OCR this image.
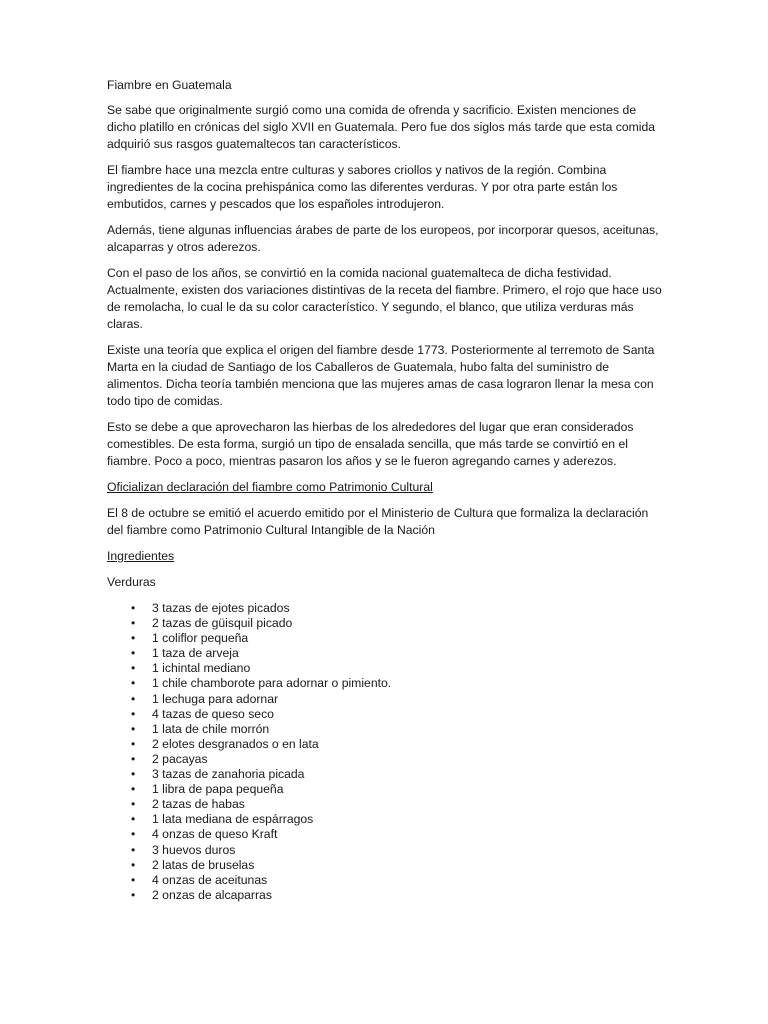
Fiambre en Guatemala

Se sabe que originalmente surgió como una comida de ofrenda y sacrificio. Existen menciones de dicho platillo en crónicas del siglo XVII en Guatemala. Pero fue dos siglos más tarde que esta comida adquirió sus rasgos guatemaltecos tan característicos.

El fiambre hace una mezcla entre culturas y sabores criollos y nativos de la región. Combina ingredientes de la cocina prehispánica como las diferentes verduras. Y por otra parte están los embutidos, carnes y pescados que los españoles introdujeron.

Además, tiene algunas influencias árabes de parte de los europeos, por incorporar quesos, aceitunas, alcaparras y otros aderezos.

Con el paso de los años, se convirtió en la comida nacional guatemalteca de dicha festividad. Actualmente, existen dos variaciones distintivas de la receta del fiambre. Primero, el rojo que hace uso de remolacha, lo cual le da su color característico. Y segundo, el blanco, que utiliza verduras más claras.

Existe una teoría que explica el origen del fiambre desde 1773. Posteriormente al terremoto de Santa Marta en la ciudad de Santiago de los Caballeros de Guatemala, hubo falta del suministro de alimentos. Dicha teoría también menciona que las mujeres amas de casa lograron llenar la mesa con todo tipo de comidas.

Esto se debe a que aprovecharon las hierbas de los alrededores del lugar que eran considerados comestibles. De esta forma, surgió un tipo de ensalada sencilla, que más tarde se convirtió en el fiambre. Poco a poco, mientras pasaron los años y se le fueron agregando carnes y aderezos.

Oficializan declaración del fiambre como Patrimonio Cultural

El 8 de octubre se emitió el acuerdo emitido por el Ministerio de Cultura que formaliza la declaración del fiambre como Patrimonio Cultural Intangible de la Nación

Ingredientes
Verduras
• 3 tazas de ejotes picados
• 2 tazas de güisquil picado
• 1 coliflor pequeña
• 1 taza de arveja
• 1 ichintal mediano
• 1 chile chamborote para adornar o pimiento.
• 1 lechuga para adornar
• 4 tazas de queso seco
• 1 lata de chile morrón
• 2 elotes desgranados o en lata
• 2 pacayas
• 3 tazas de zanahoria picada
• 1 libra de papa pequeña
• 2 tazas de habas
• 1 lata mediana de espárragos
• 4 onzas de queso Kraft
• 3 huevos duros
• 2 latas de bruselas
• 4 onzas de aceitunas
• 2 onzas de alcaparras
